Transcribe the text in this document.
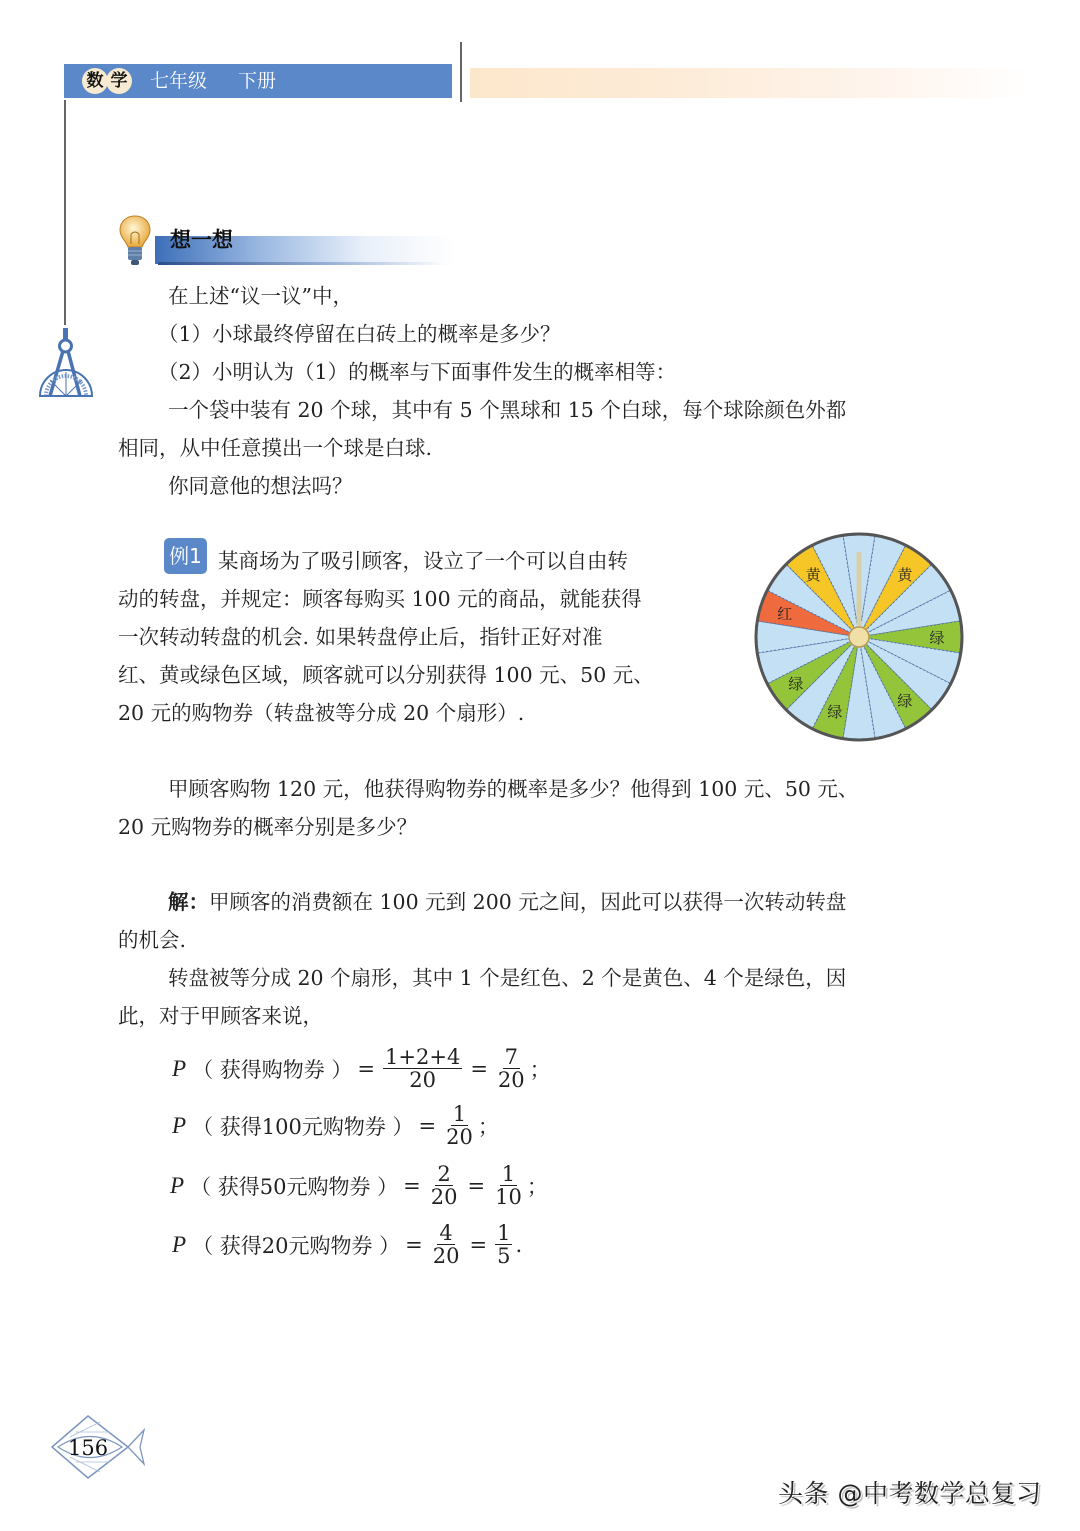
数 学 七年级 下册
想一想
在上述“议一议”中，
（1）小球最终停留在白砖上的概率是多少？
（2）小明认为（1）的概率与下面事件发生的概率相等：
一个袋中装有 20 个球，其中有 5 个黑球和 15 个白球，每个球除颜色外都
相同，从中任意摸出一个球是白球.
你同意他的想法吗？
例1 某商场为了吸引顾客，设立了一个可以自由转
动的转盘，并规定：顾客每购买 100 元的商品，就能获得
一次转动转盘的机会. 如果转盘停止后，指针正好对准
红、黄或绿色区域，顾客就可以分别获得 100 元、50 元、
20 元的购物券（转盘被等分成 20 个扇形）.
黄
绿
绿
绿
绿
红
黄
甲顾客购物 120 元，他获得购物券的概率是多少？他得到 100 元、50 元、
20 元购物券的概率分别是多少？
解：甲顾客的消费额在 100 元到 200 元之间，因此可以获得一次转动转盘
的机会.
转盘被等分成 20 个扇形，其中 1 个是红色、2 个是黄色、4 个是绿色，因
此，对于甲顾客来说，
P （ 获得购物券 ） = $\frac{1+2+4}{20} = \frac{7}{20}$ ；
P （ 获得100元购物券 ） = $\frac{1}{20}$ ；
P （ 获得50元购物券 ） = $\frac{2}{20} = \frac{1}{10}$ ；
P （ 获得20元购物券 ） = $\frac{4}{20} = \frac{1}{5}$ .
156
头条 @中考数学总复习
